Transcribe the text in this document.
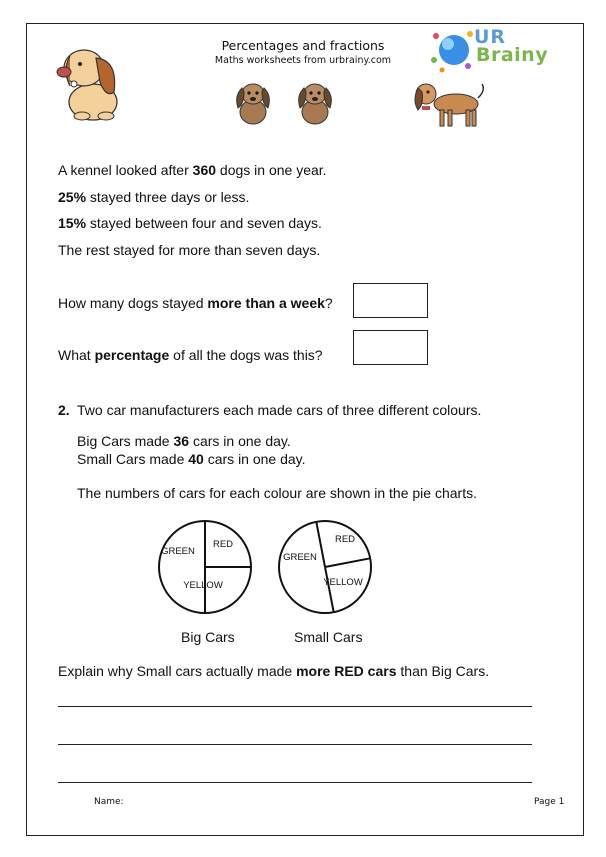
Percentages and fractions
Maths worksheets from urbrainy.com
UR
Brainy
A kennel looked after 360 dogs in one year.
25% stayed three days or less.
15% stayed between four and seven days.
The rest stayed for more than seven days.
How many dogs stayed more than a week?
What percentage of all the dogs was this?
2. Two car manufacturers each made cars of three different colours.
Big Cars made 36 cars in one day.
Small Cars made 40 cars in one day.
The numbers of cars for each colour are shown in the pie charts.
RED
GREEN
YELLOW
RED
GREEN
YELLOW
Big Cars	Small Cars
Explain why Small cars actually made more RED cars than Big Cars.
Name:	Page 1
